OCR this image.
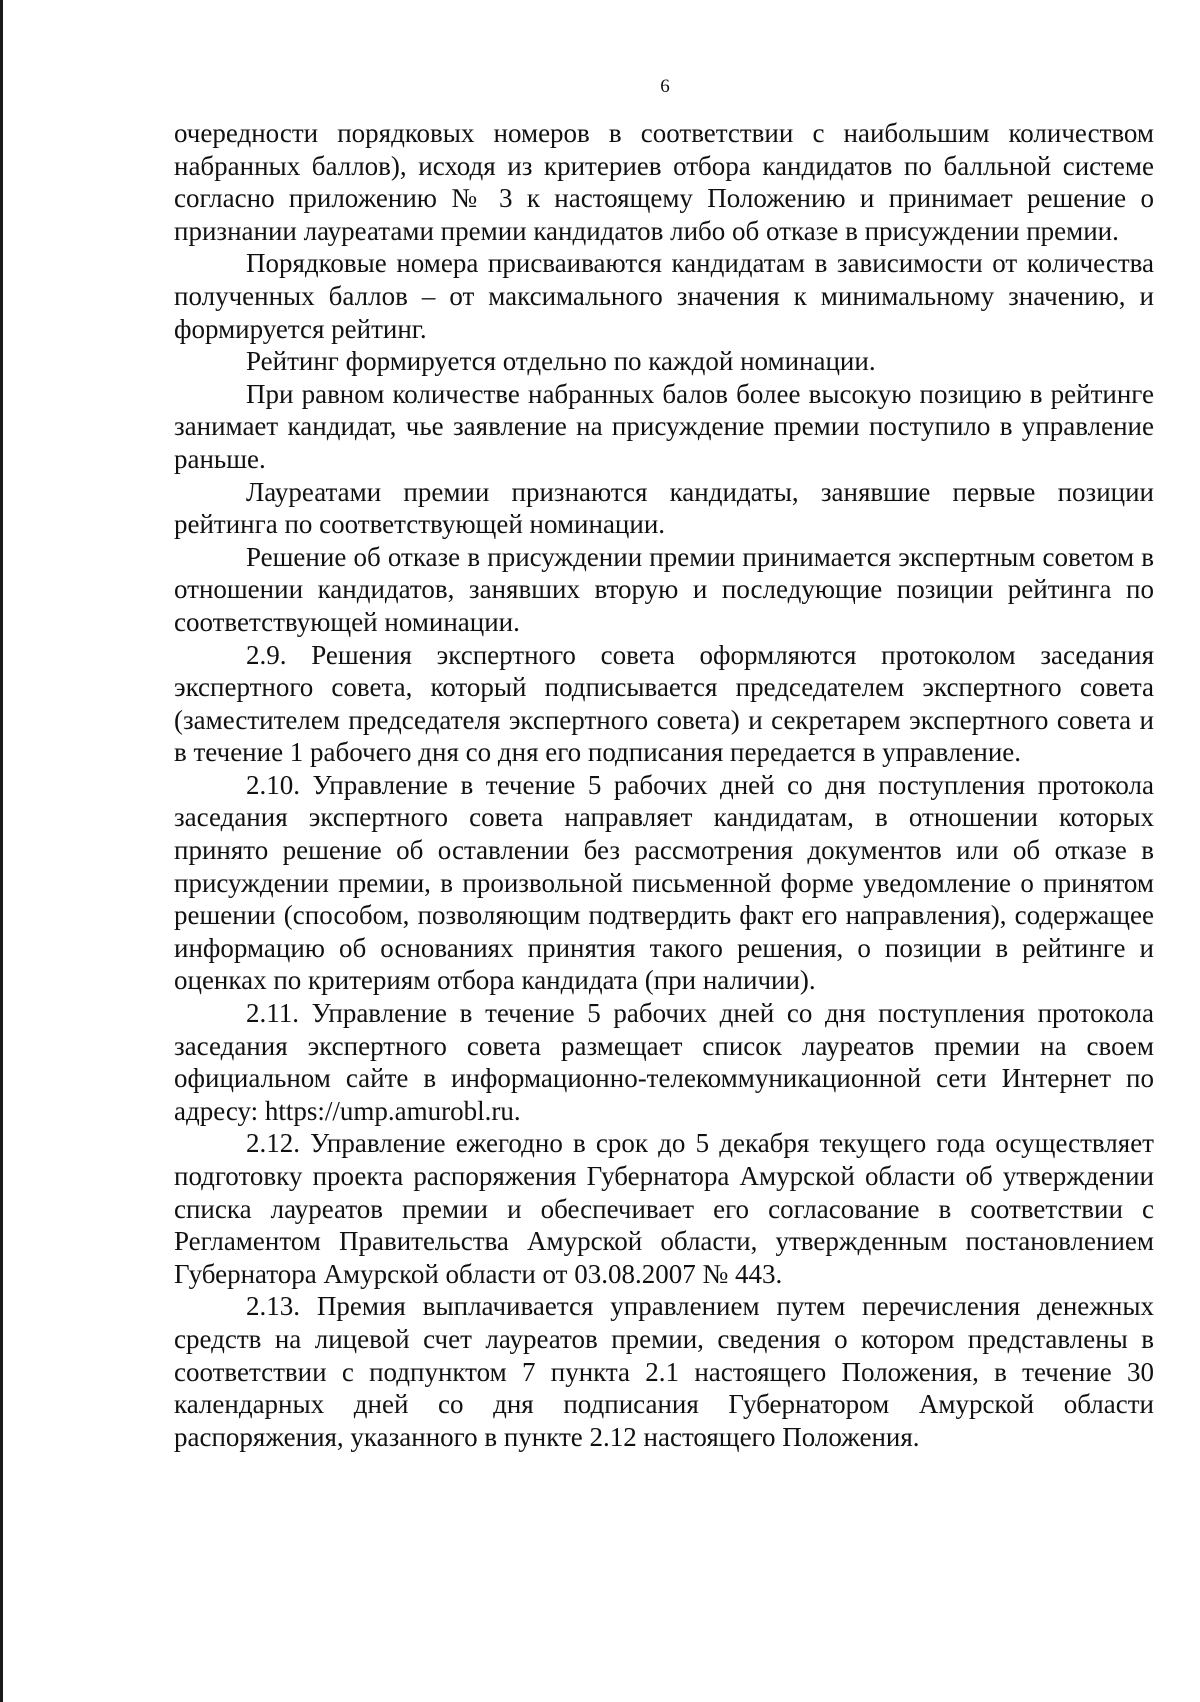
6

очередности порядковых номеров в соответствии с наибольшим количеством набранных баллов), исходя из критериев отбора кандидатов по балльной системе согласно приложению № 3 к настоящему Положению и принимает решение о признании лауреатами премии кандидатов либо об отказе в присуждении премии.

Порядковые номера присваиваются кандидатам в зависимости от количества полученных баллов – от максимального значения к минимальному значению, и формируется рейтинг.

Рейтинг формируется отдельно по каждой номинации.

При равном количестве набранных балов более высокую позицию в рейтинге занимает кандидат, чье заявление на присуждение премии поступило в управление раньше.

Лауреатами премии признаются кандидаты, занявшие первые позиции рейтинга по соответствующей номинации.

Решение об отказе в присуждении премии принимается экспертным советом в отношении кандидатов, занявших вторую и последующие позиции рейтинга по соответствующей номинации.

2.9. Решения экспертного совета оформляются протоколом заседания экспертного совета, который подписывается председателем экспертного совета (заместителем председателя экспертного совета) и секретарем экспертного совета и в течение 1 рабочего дня со дня его подписания передается в управление.

2.10. Управление в течение 5 рабочих дней со дня поступления протокола заседания экспертного совета направляет кандидатам, в отношении которых принято решение об оставлении без рассмотрения документов или об отказе в присуждении премии, в произвольной письменной форме уведомление о принятом решении (способом, позволяющим подтвердить факт его направления), содержащее информацию об основаниях принятия такого решения, о позиции в рейтинге и оценках по критериям отбора кандидата (при наличии).

2.11. Управление в течение 5 рабочих дней со дня поступления протокола заседания экспертного совета размещает список лауреатов премии на своем официальном сайте в информационно-телекоммуникационной сети Интернет по адресу: https://ump.amurobl.ru.

2.12. Управление ежегодно в срок до 5 декабря текущего года осуществляет подготовку проекта распоряжения Губернатора Амурской области об утверждении списка лауреатов премии и обеспечивает его согласование в соответствии с Регламентом Правительства Амурской области, утвержденным постановлением Губернатора Амурской области от 03.08.2007 № 443.

2.13. Премия выплачивается управлением путем перечисления денежных средств на лицевой счет лауреатов премии, сведения о котором представлены в соответствии с подпунктом 7 пункта 2.1 настоящего Положения, в течение 30 календарных дней со дня подписания Губернатором Амурской области распоряжения, указанного в пункте 2.12 настоящего Положения.
